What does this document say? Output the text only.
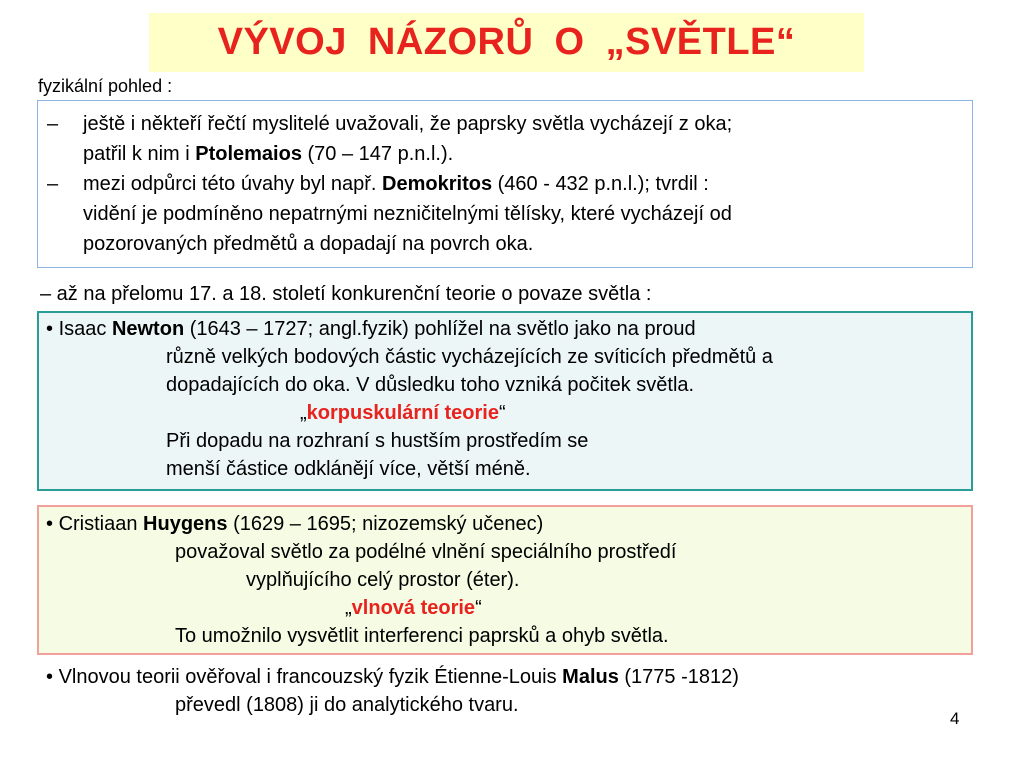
VÝVOJ NÁZORŮ O „SVĚTLE“
fyzikální pohled :
– ještě i někteří řečtí myslitelé uvažovali, že paprsky světla vycházejí z oka;
patřil k nim i Ptolemaios (70 – 147 p.n.l.).
– mezi odpůrci této úvahy byl např. Demokritos (460 - 432 p.n.l.); tvrdil :
vidění je podmíněno nepatrnými nezničitelnými tělísky, které vycházejí od
pozorovaných předmětů a dopadají na povrch oka.
– až na přelomu 17. a 18. století konkurenční teorie o povaze světla :
• Isaac Newton (1643 – 1727; angl.fyzik) pohlížel na světlo jako na proud
různě velkých bodových částic vycházejících ze svíticích předmětů a
dopadajících do oka. V důsledku toho vzniká počitek světla.
„korpuskulární teorie“
Při dopadu na rozhraní s hustším prostředím se
menší částice odklánějí více, větší méně.
• Cristiaan Huygens (1629 – 1695; nizozemský učenec)
považoval světlo za podélné vlnění speciálního prostředí
vyplňujícího celý prostor (éter).
„vlnová teorie“
To umožnilo vysvětlit interferenci paprsků a ohyb světla.
• Vlnovou teorii ověřoval i francouzský fyzik Étienne-Louis Malus (1775 -1812)
převedl (1808) ji do analytického tvaru.
4
